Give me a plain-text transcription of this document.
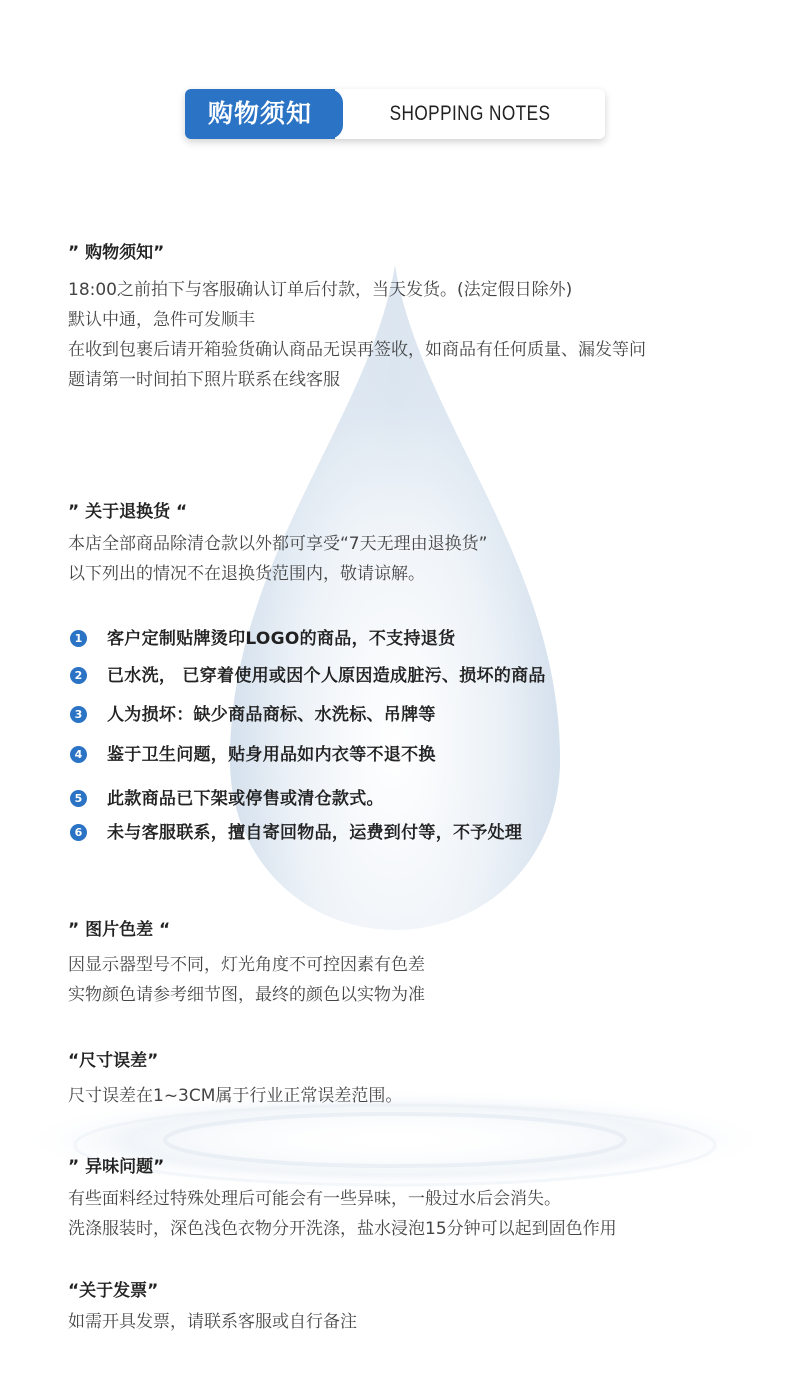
购物须知	SHOPPING NOTES
” 购物须知”
18:00之前拍下与客服确认订单后付款，当天发货。(法定假日除外)
默认中通，急件可发顺丰
在收到包裹后请开箱验货确认商品无误再签收，如商品有任何质量、漏发等问
题请第一时间拍下照片联系在线客服
” 关于退换货 “
本店全部商品除清仓款以外都可享受“7天无理由退换货”
以下列出的情况不在退换货范围内，敬请谅解。
1 客户定制贴牌烫印LOGO的商品，不支持退货
2 已水洗， 已穿着使用或因个人原因造成脏污、损坏的商品
3 人为损坏：缺少商品商标、水洗标、吊牌等
4 鉴于卫生问题，贴身用品如内衣等不退不换
5 此款商品已下架或停售或清仓款式。
6 未与客服联系，擅自寄回物品，运费到付等，不予处理
” 图片色差 “
因显示器型号不同，灯光角度不可控因素有色差
实物颜色请参考细节图，最终的颜色以实物为准
“尺寸误差”
尺寸误差在1~3CM属于行业正常误差范围。
” 异味问题”
有些面料经过特殊处理后可能会有一些异味，一般过水后会消失。
洗涤服装时，深色浅色衣物分开洗涤，盐水浸泡15分钟可以起到固色作用
“关于发票”
如需开具发票，请联系客服或自行备注
